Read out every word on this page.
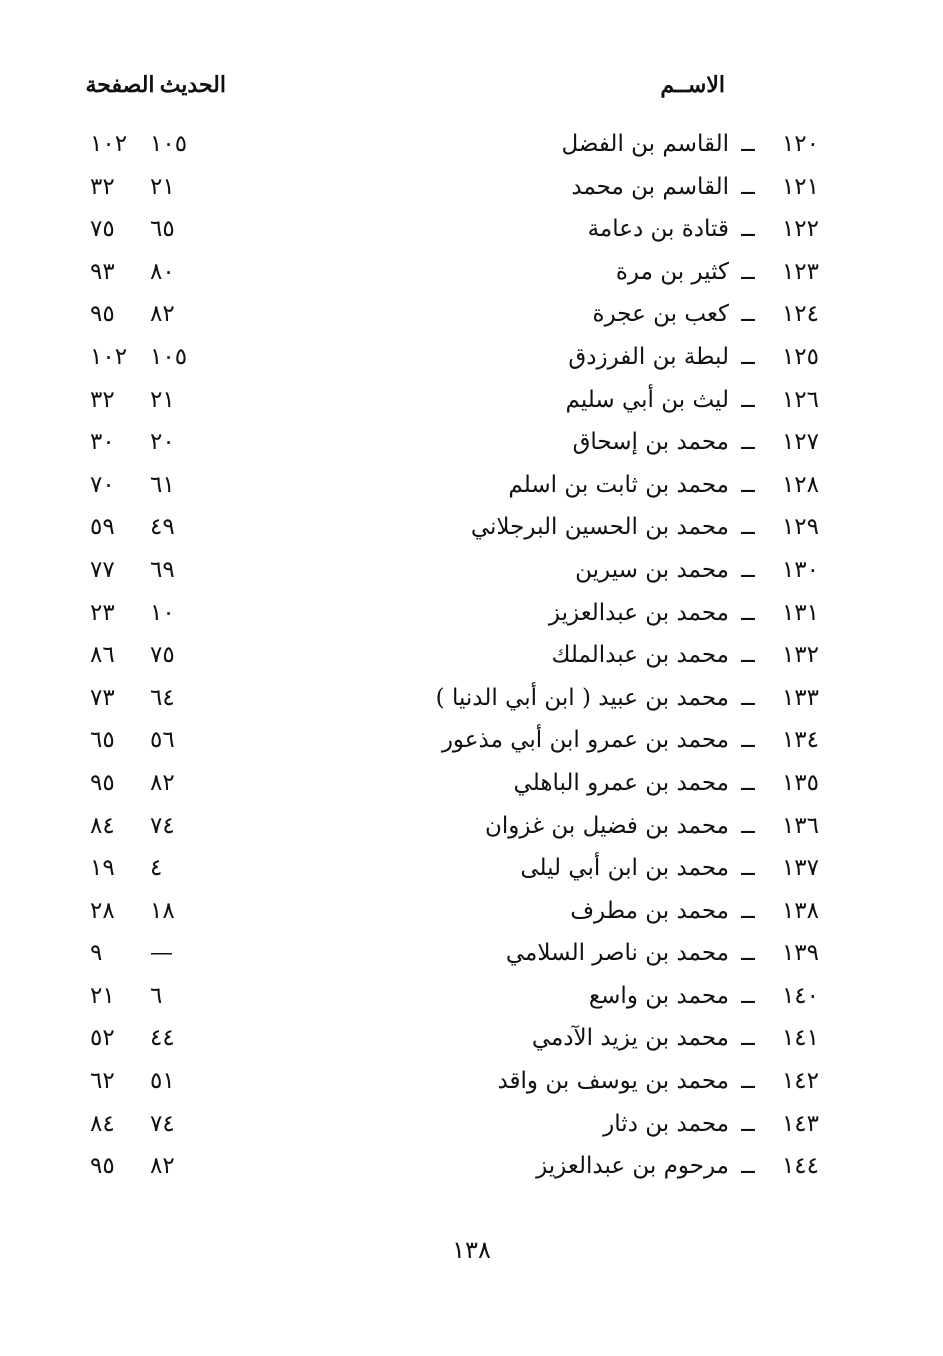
الاســم
الحديث
الصفحة
١٢٠
ــ
القاسم بن الفضل
١٠٥
١٠٢
١٢١
ــ
القاسم بن محمد
٢١
٣٢
١٢٢
ــ
قتادة بن دعامة
٦٥
٧٥
١٢٣
ــ
كثير بن مرة
٨٠
٩٣
١٢٤
ــ
كعب بن عجرة
٨٢
٩٥
١٢٥
ــ
لبطة بن الفرزدق
١٠٥
١٠٢
١٢٦
ــ
ليث بن أبي سليم
٢١
٣٢
١٢٧
ــ
محمد بن إسحاق
٢٠
٣٠
١٢٨
ــ
محمد بن ثابت بن اسلم
٦١
٧٠
١٢٩
ــ
محمد بن الحسين البرجلاني
٤٩
٥٩
١٣٠
ــ
محمد بن سيرين
٦٩
٧٧
١٣١
ــ
محمد بن عبدالعزيز
١٠
٢٣
١٣٢
ــ
محمد بن عبدالملك
٧٥
٨٦
١٣٣
ــ
محمد بن عبيد ( ابن أبي الدنيا )
٦٤
٧٣
١٣٤
ــ
محمد بن عمرو ابن أبي مذعور
٥٦
٦٥
١٣٥
ــ
محمد بن عمرو الباهلي
٨٢
٩٥
١٣٦
ــ
محمد بن فضيل بن غزوان
٧٤
٨٤
١٣٧
ــ
محمد بن ابن أبي ليلى
٤
١٩
١٣٨
ــ
محمد بن مطرف
١٨
٢٨
١٣٩
ــ
محمد بن ناصر السلامي
—
٩
١٤٠
ــ
محمد بن واسع
٦
٢١
١٤١
ــ
محمد بن يزيد الآدمي
٤٤
٥٢
١٤٢
ــ
محمد بن يوسف بن واقد
٥١
٦٢
١٤٣
ــ
محمد بن دثار
٧٤
٨٤
١٤٤
ــ
مرحوم بن عبدالعزيز
٨٢
٩٥
١٣٨
